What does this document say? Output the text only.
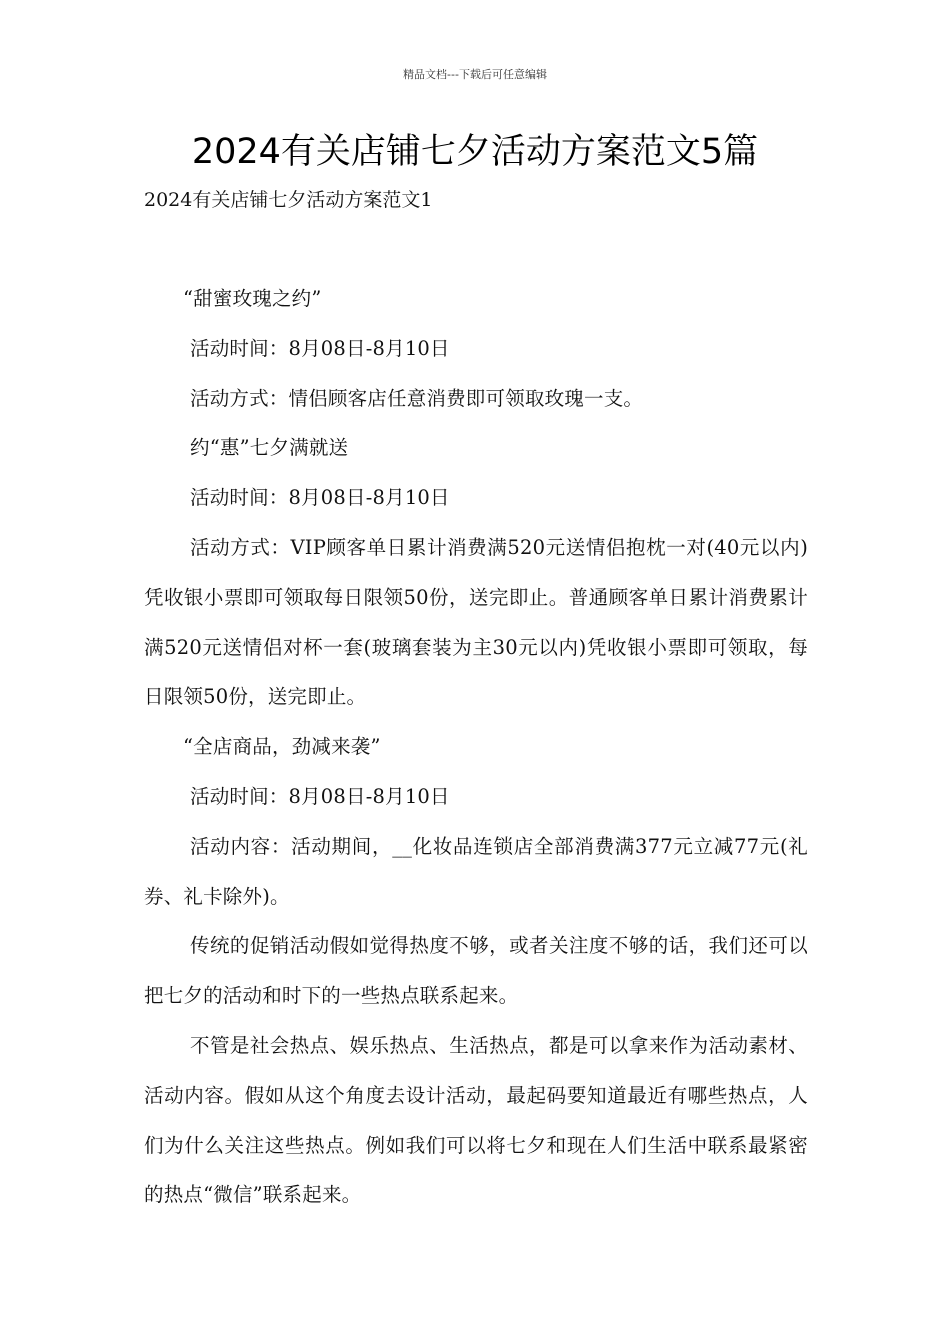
精品文档---下载后可任意编辑
2024有关店铺七夕活动方案范文5篇
2024有关店铺七夕活动方案范文1

“甜蜜玫瑰之约”

活动时间：8月08日-8月10日

活动方式：情侣顾客店任意消费即可领取玫瑰一支。

约“惠”七夕满就送

活动时间：8月08日-8月10日

活动方式：VIP顾客单日累计消费满520元送情侣抱枕一对(40元以内)凭收银小票即可领取每日限领50份，送完即止。普通顾客单日累计消费累计满520元送情侣对杯一套(玻璃套装为主30元以内)凭收银小票即可领取，每日限领50份，送完即止。

“全店商品，劲减来袭”

活动时间：8月08日-8月10日

活动内容：活动期间，__化妆品连锁店全部消费满377元立减77元(礼券、礼卡除外)。

传统的促销活动假如觉得热度不够，或者关注度不够的话，我们还可以把七夕的活动和时下的一些热点联系起来。

不管是社会热点、娱乐热点、生活热点，都是可以拿来作为活动素材、活动内容。假如从这个角度去设计活动，最起码要知道最近有哪些热点，人们为什么关注这些热点。例如我们可以将七夕和现在人们生活中联系最紧密的热点“微信”联系起来。
